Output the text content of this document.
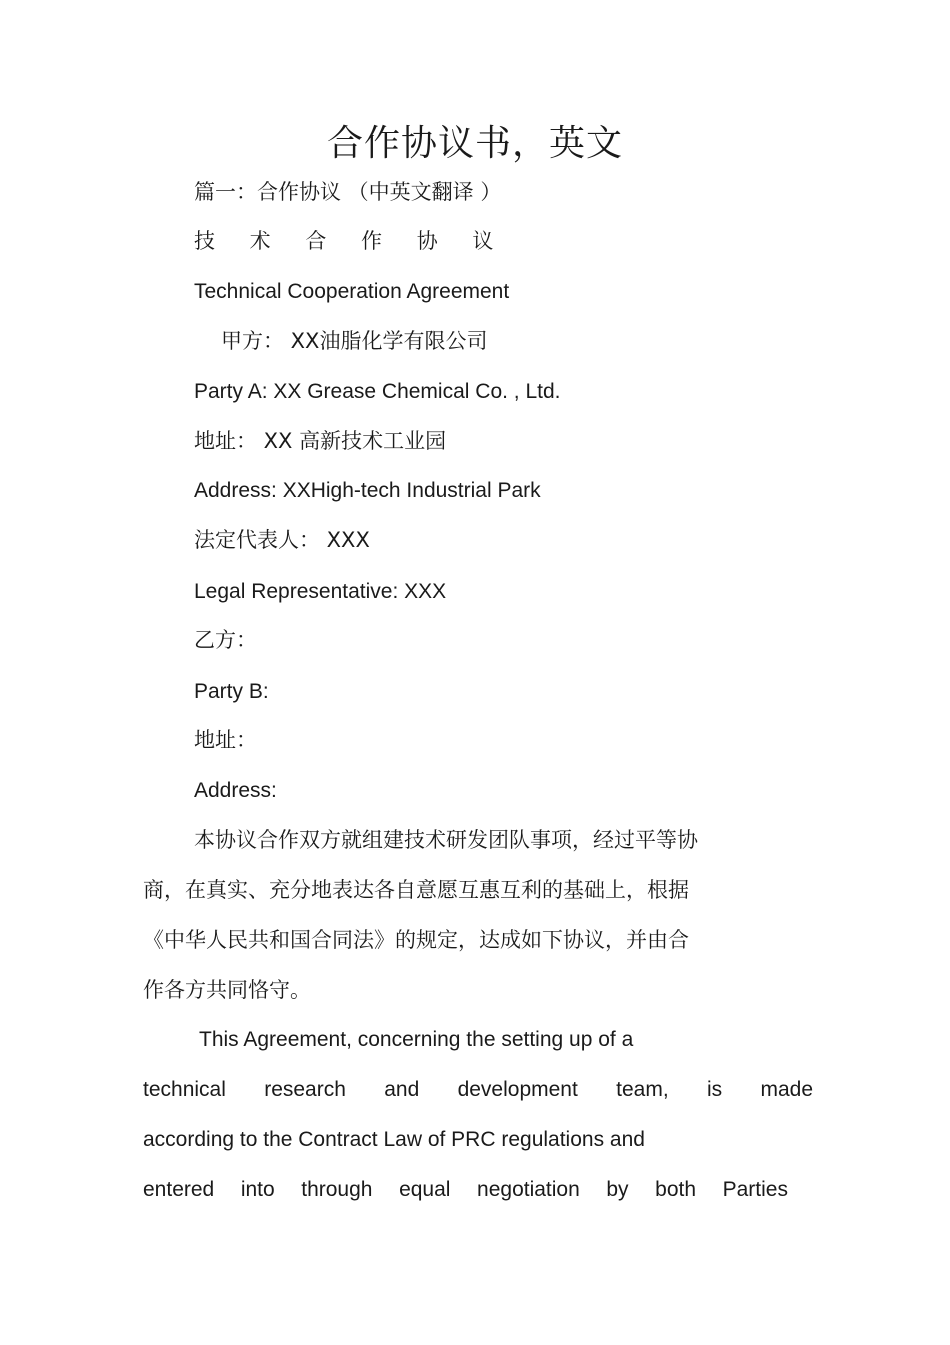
合作协议书，英文
篇一：合作协议 （中英文翻译 ）
技 术 合 作 协 议
Technical Cooperation Agreement
甲方： XX油脂化学有限公司
Party A: XX Grease Chemical Co. , Ltd.
地址： XX 高新技术工业园
Address: XXHigh-tech Industrial Park
法定代表人： XXX
Legal Representative: XXX
乙方：
Party B:
地址：
Address:
本协议合作双方就组建技术研发团队事项，经过平等协
商，在真实、充分地表达各自意愿互惠互利的基础上，根据
《中华人民共和国合同法》的规定，达成如下协议，并由合
作各方共同恪守。
This Agreement, concerning the setting up of a
technical research and development team, is made
according to the Contract Law of PRC regulations and
entered into through equal negotiation by both Parties
